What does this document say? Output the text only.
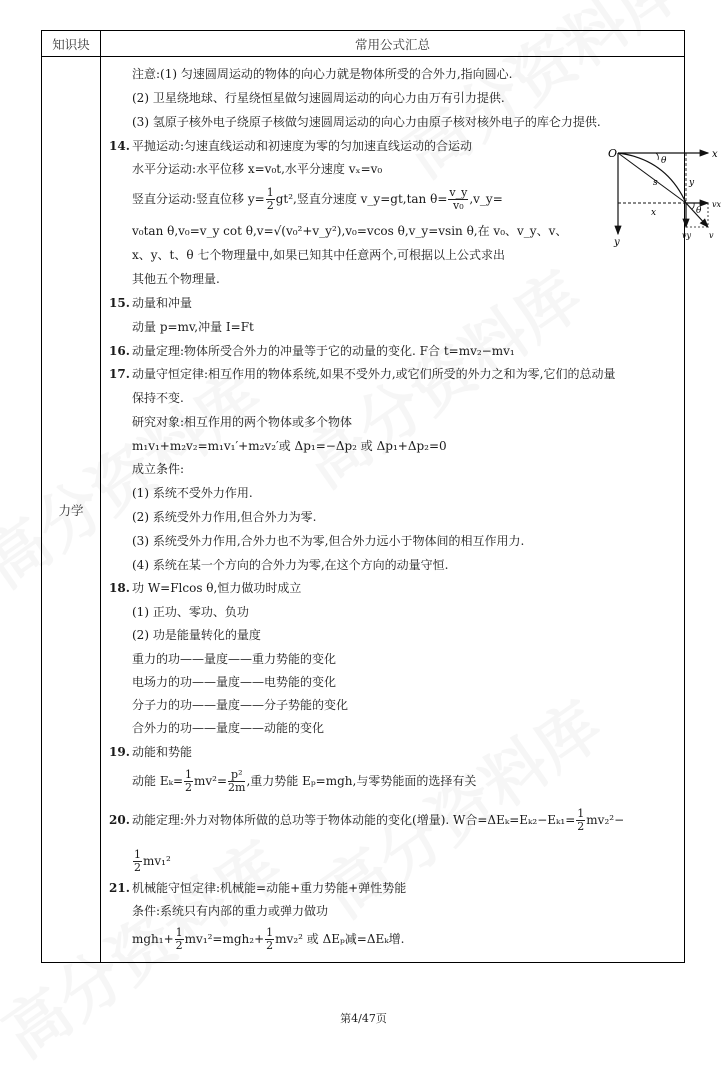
知识块	常用公式汇总
力学	
注意:(1) 匀速圆周运动的物体的向心力就是物体所受的合外力,指向圆心.
(2) 卫星绕地球、行星绕恒星做匀速圆周运动的向心力由万有引力提供.
(3) 氢原子核外电子绕原子核做匀速圆周运动的向心力由原子核对核外电子的库仑力提供.
14. 平抛运动:匀速直线运动和初速度为零的匀加速直线运动的合运动
水平分运动:水平位移 x=v₀t,水平分速度 vₓ=v₀
竖直分运动:竖直位移 $y= \frac{1}{2} gt^2$,竖直分速度 v_y=gt,tan $\theta= \frac{v\_y}{\text{v₀}}$ ,v_y=
v₀tan θ,v₀=v_y cot θ,v=√(v₀²+v_y²),v₀=vcos θ,v_y=vsin θ,在 v₀、v_y、v、
x、y、t、θ 七个物理量中,如果已知其中任意两个,可根据以上公式求出
其他五个物理量.
O	x
y
θ
s	y
x	θ
vx
vy v
15. 动量和冲量
动量 p=mv,冲量 I=Ft
16. 动量定理:物体所受合外力的冲量等于它的动量的变化. F合 t=mv₂−mv₁
17. 动量守恒定律:相互作用的物体系统,如果不受外力,或它们所受的外力之和为零,它们的总动量
保持不变.
研究对象:相互作用的两个物体或多个物体
m₁v₁+m₂v₂=m₁v₁′+m₂v₂′或 Δp₁=−Δp₂ 或 Δp₁+Δp₂=0
成立条件:
(1) 系统不受外力作用.
(2) 系统受外力作用,但合外力为零.
(3) 系统受外力作用,合外力也不为零,但合外力远小于物体间的相互作用力.
(4) 系统在某一个方向的合外力为零,在这个方向的动量守恒.
18. 功 W=Flcos θ,恒力做功时成立
(1) 正功、零功、负功
(2) 功是能量转化的量度
重力的功——量度——重力势能的变化
电场力的功——量度——电势能的变化
分子力的功——量度——分子势能的变化
合外力的功——量度——动能的变化
19. 动能和势能
动能 $E_k= \frac{1}{2} mv^2= \frac{\text{p²}}{2m}$ ,重力势能 Eₚ=mgh,与零势能面的选择有关
20. 动能定理:外力对物体所做的总功等于物体动能的变化(增量). W合$=\Delta E_k=E_{k2}-E_{k1}= \frac{1}{2} mv_2^2-$
$\frac{1}{2} mv_1^2$
21. 机械能守恒定律:机械能=动能+重力势能+弹性势能
条件:系统只有内部的重力或弹力做功
$mgh_1+ \frac{1}{2} mv_1^2=mgh_2+ \frac{1}{2} mv_2^2$ 或 ΔEₚ减=ΔEₖ增.
第4/47页
